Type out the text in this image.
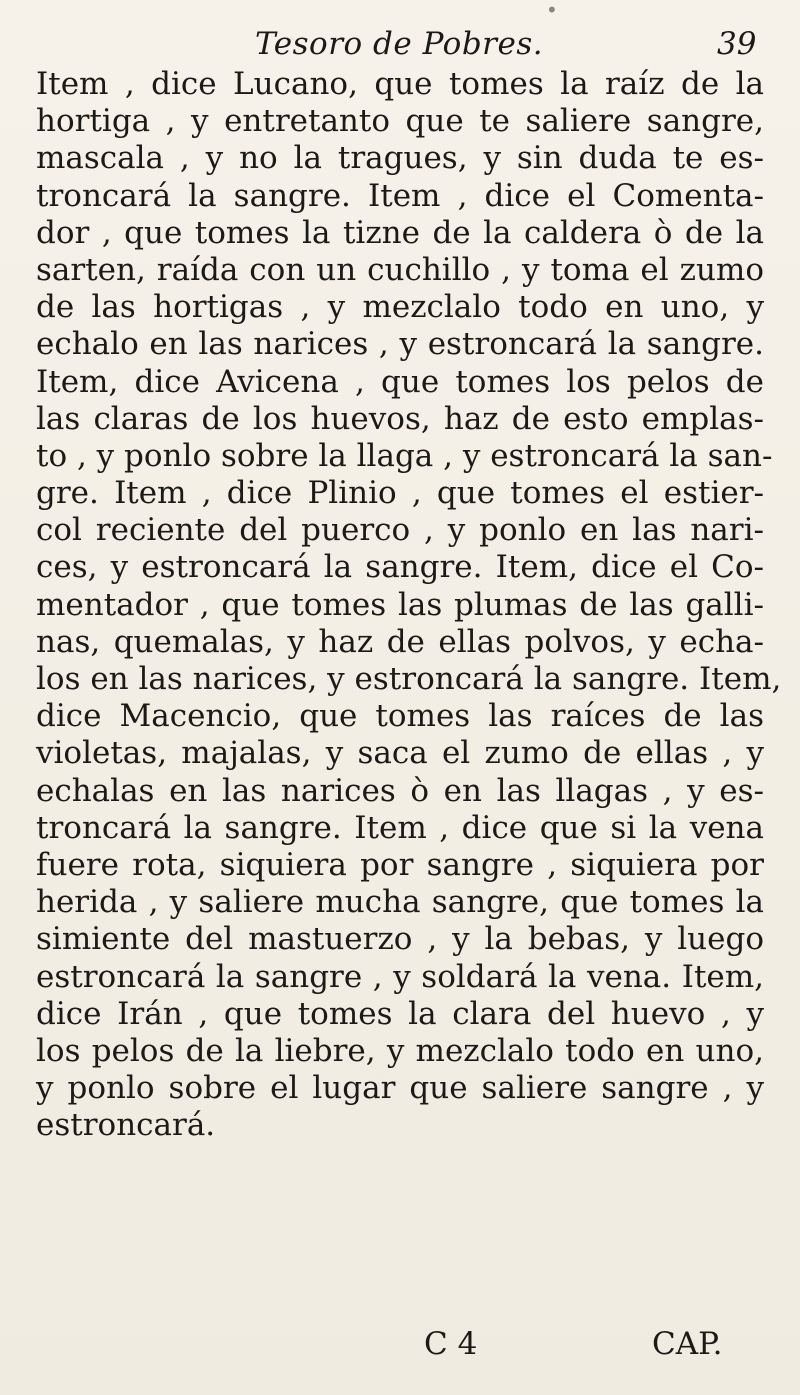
•
Tesoro de Pobres.	39
Item , dice Lucano, que tomes la raíz de la
hortiga , y entretanto que te saliere sangre,
mascala , y no la tragues, y sin duda te es-
troncará la sangre. Item , dice el Comenta-
dor , que tomes la tizne de la caldera ò de la
sarten, raída con un cuchillo , y toma el zumo
de las hortigas , y mezclalo todo en uno, y
echalo en las narices , y estroncará la sangre.
Item, dice Avicena , que tomes los pelos de
las claras de los huevos, haz de esto emplas-
to , y ponlo sobre la llaga , y estroncará la san-
gre. Item , dice Plinio , que tomes el estier-
col reciente del puerco , y ponlo en las nari-
ces, y estroncará la sangre. Item, dice el Co-
mentador , que tomes las plumas de las galli-
nas, quemalas, y haz de ellas polvos, y echa-
los en las narices, y estroncará la sangre. Item,
dice Macencio, que tomes las raíces de las
violetas, majalas, y saca el zumo de ellas , y
echalas en las narices ò en las llagas , y es-
troncará la sangre. Item , dice que si la vena
fuere rota, siquiera por sangre , siquiera por
herida , y saliere mucha sangre, que tomes la
simiente del mastuerzo , y la bebas, y luego
estroncará la sangre , y soldará la vena. Item,
dice Irán , que tomes la clara del huevo , y
los pelos de la liebre, y mezclalo todo en uno,
y ponlo sobre el lugar que saliere sangre , y
estroncará.
C 4	CAP.
